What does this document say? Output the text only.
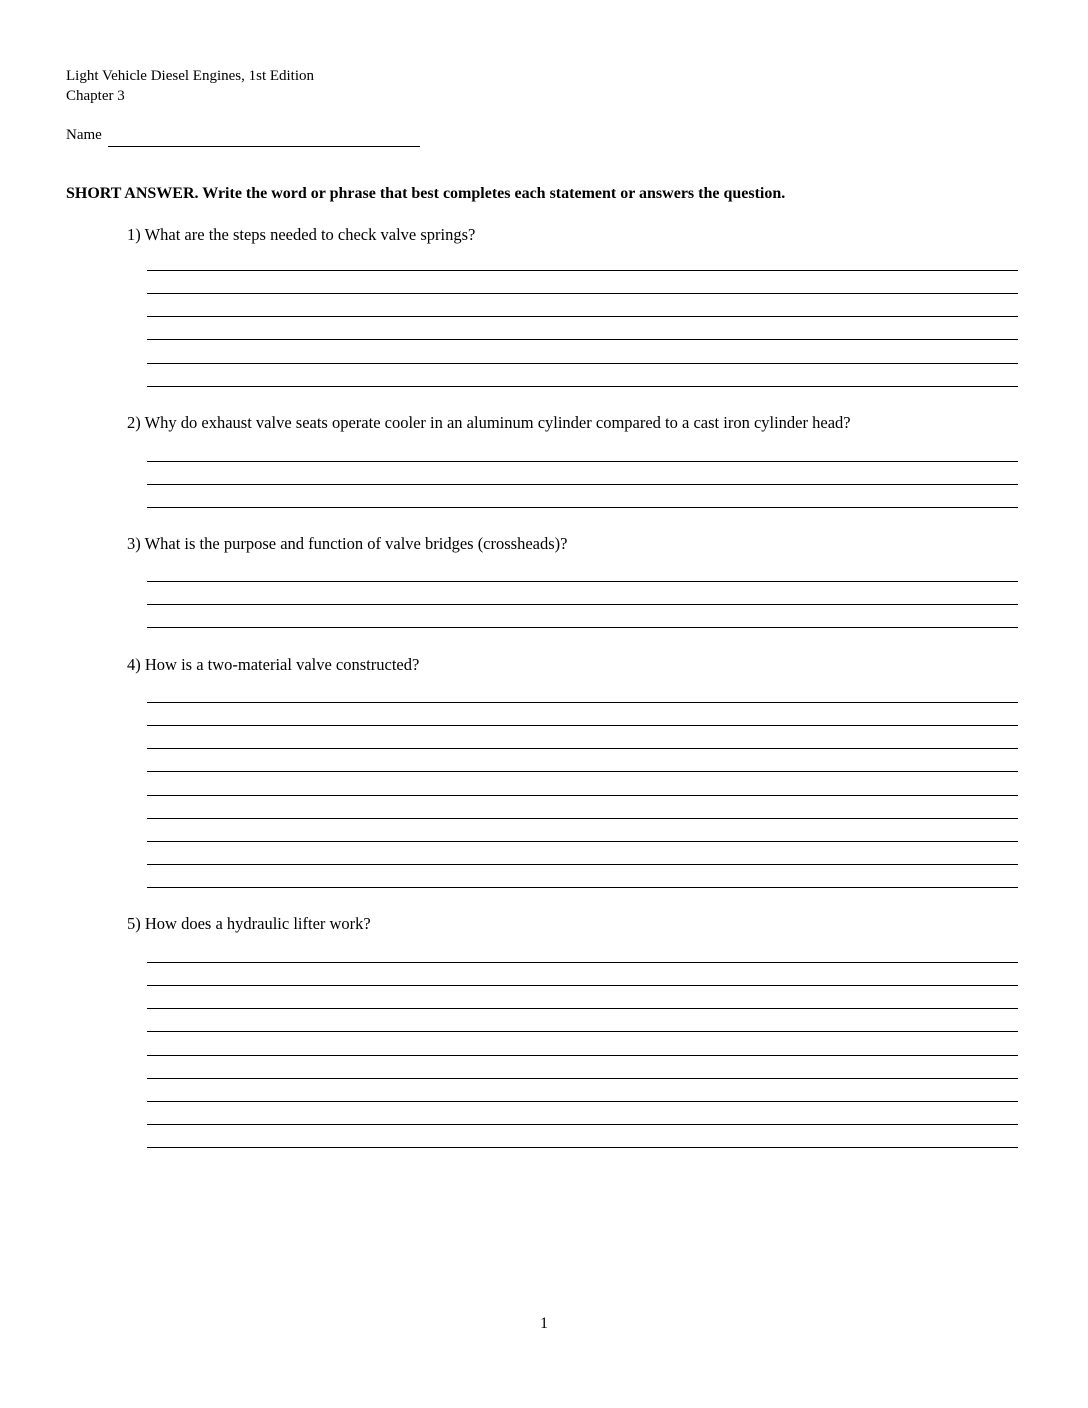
Light Vehicle Diesel Engines, 1st Edition
Chapter 3
Name
SHORT ANSWER. Write the word or phrase that best completes each statement or answers the question.
1) What are the steps needed to check valve springs?
2) Why do exhaust valve seats operate cooler in an aluminum cylinder compared to a cast iron cylinder head?
3) What is the purpose and function of valve bridges (crossheads)?
4) How is a two-material valve constructed?
5) How does a hydraulic lifter work?
1
